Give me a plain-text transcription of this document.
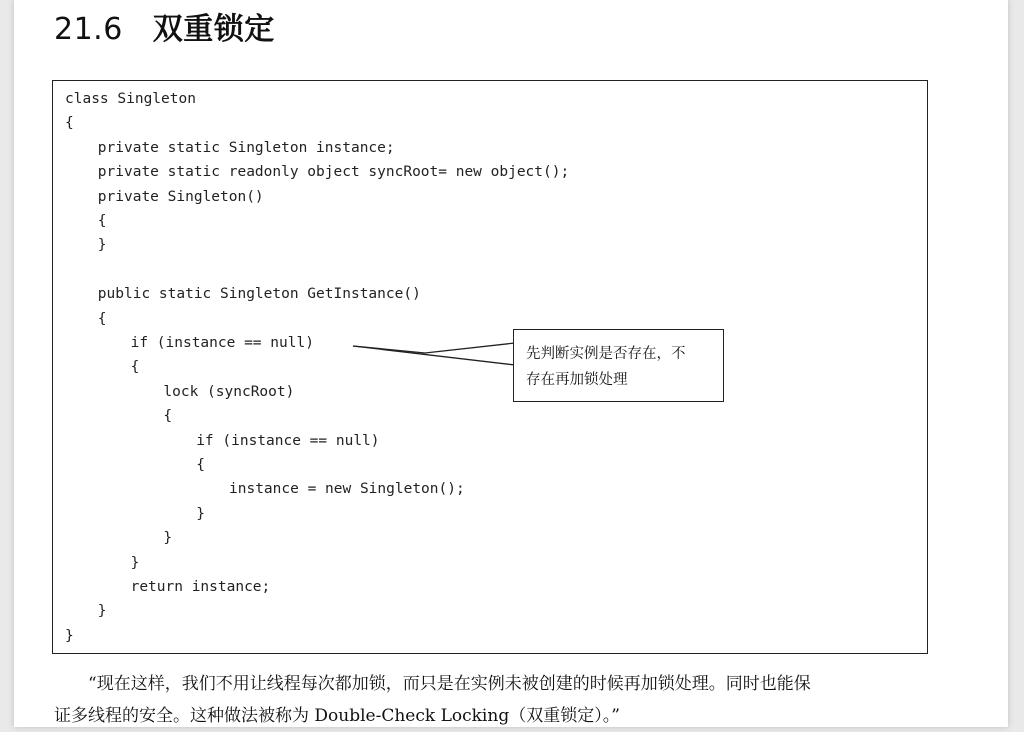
21.6 双重锁定
class Singleton
{
private static Singleton instance;
private static readonly object syncRoot= new object();
private Singleton()
{
}
public static Singleton GetInstance()
{
if (instance == null)
{
lock (syncRoot)
{
if (instance == null)
{
instance = new Singleton();
}
}
}
return instance;
}
}
先判断实例是否存在，不
存在再加锁处理
“现在这样，我们不用让线程每次都加锁，而只是在实例未被创建的时候再加锁处理。同时也能保
证多线程的安全。这种做法被称为 Double-Check Locking（双重锁定）。”
